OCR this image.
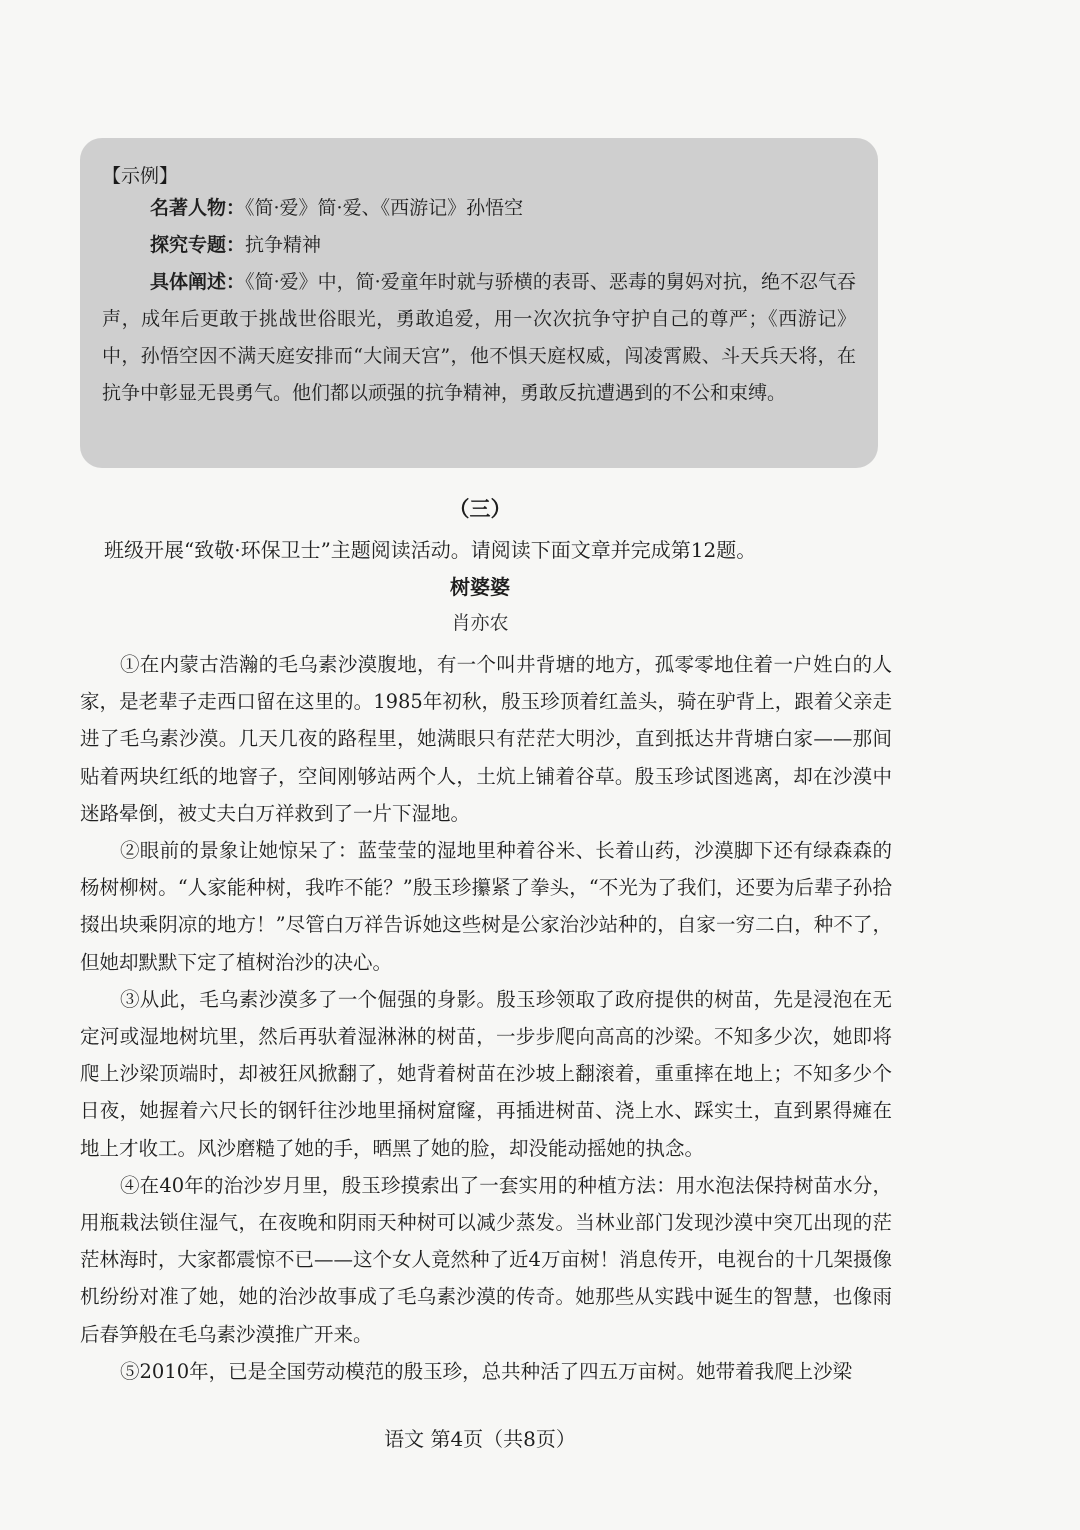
【示例】

名著人物：《简·爱》简·爱、《西游记》孙悟空

探究专题：抗争精神

具体阐述：《简·爱》中，简·爱童年时就与骄横的表哥、恶毒的舅妈对抗，绝不忍气吞声，成年后更敢于挑战世俗眼光，勇敢追爱，用一次次抗争守护自己的尊严；《西游记》中，孙悟空因不满天庭安排而“大闹天宫”，他不惧天庭权威，闯凌霄殿、斗天兵天将，在抗争中彰显无畏勇气。他们都以顽强的抗争精神，勇敢反抗遭遇到的不公和束缚。

（三）

班级开展“致敬·环保卫士”主题阅读活动。请阅读下面文章并完成第12题。

树婆婆

肖亦农

①在内蒙古浩瀚的毛乌素沙漠腹地，有一个叫井背塘的地方，孤零零地住着一户姓白的人家，是老辈子走西口留在这里的。1985年初秋，殷玉珍顶着红盖头，骑在驴背上，跟着父亲走进了毛乌素沙漠。几天几夜的路程里，她满眼只有茫茫大明沙，直到抵达井背塘白家——那间贴着两块红纸的地窨子，空间刚够站两个人，土炕上铺着谷草。殷玉珍试图逃离，却在沙漠中迷路晕倒，被丈夫白万祥救到了一片下湿地。

②眼前的景象让她惊呆了：蓝莹莹的湿地里种着谷米、长着山药，沙漠脚下还有绿森森的杨树柳树。“人家能种树，我咋不能？”殷玉珍攥紧了拳头，“不光为了我们，还要为后辈子孙拾掇出块乘阴凉的地方！”尽管白万祥告诉她这些树是公家治沙站种的，自家一穷二白，种不了，但她却默默下定了植树治沙的决心。

③从此，毛乌素沙漠多了一个倔强的身影。殷玉珍领取了政府提供的树苗，先是浸泡在无定河或湿地树坑里，然后再驮着湿淋淋的树苗，一步步爬向高高的沙梁。不知多少次，她即将爬上沙梁顶端时，却被狂风掀翻了，她背着树苗在沙坡上翻滚着，重重摔在地上；不知多少个日夜，她握着六尺长的钢钎往沙地里捅树窟窿，再插进树苗、浇上水、踩实土，直到累得瘫在地上才收工。风沙磨糙了她的手，晒黑了她的脸，却没能动摇她的执念。

④在40年的治沙岁月里，殷玉珍摸索出了一套实用的种植方法：用水泡法保持树苗水分，用瓶栽法锁住湿气，在夜晚和阴雨天种树可以减少蒸发。当林业部门发现沙漠中突兀出现的茫茫林海时，大家都震惊不已——这个女人竟然种了近4万亩树！消息传开，电视台的十几架摄像机纷纷对准了她，她的治沙故事成了毛乌素沙漠的传奇。她那些从实践中诞生的智慧，也像雨后春笋般在毛乌素沙漠推广开来。

⑤2010年，已是全国劳动模范的殷玉珍，总共种活了四五万亩树。她带着我爬上沙梁

语文 第4页（共8页）
